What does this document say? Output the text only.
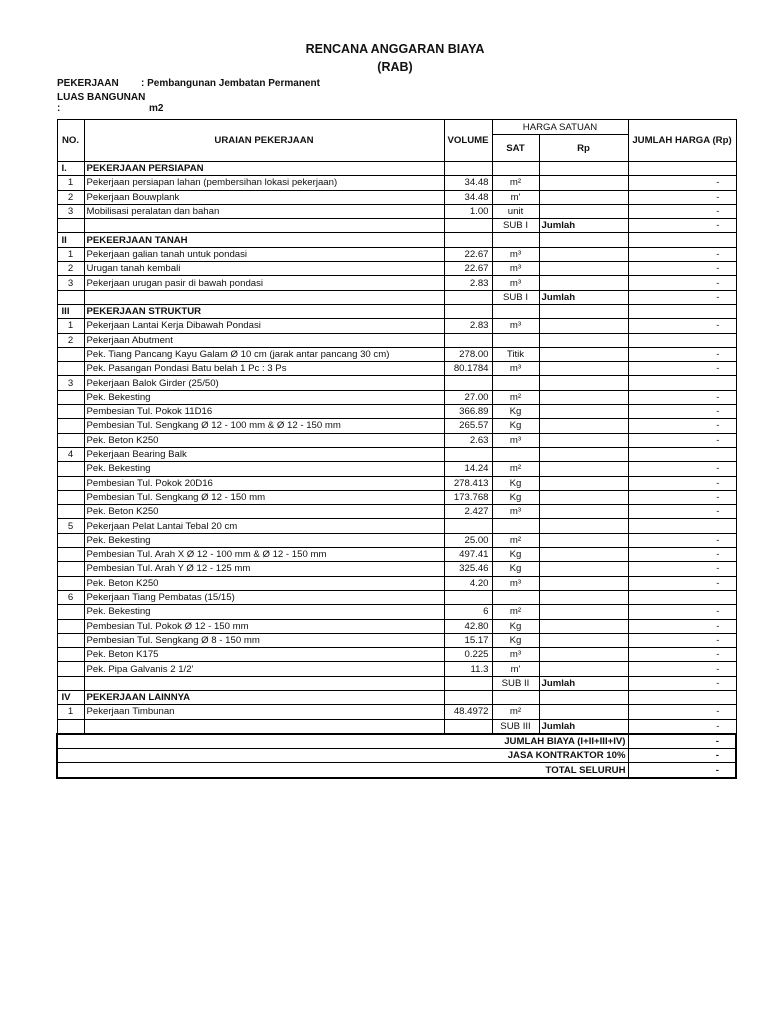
RENCANA ANGGARAN BIAYA
(RAB)
PEKERJAAN : Pembangunan Jembatan Permanent
LUAS BANGUNAN :	m2
NO.	URAIAN PEKERJAAN	VOLUME	HARGA SATUAN		JUMLAH HARGA (Rp)
			SAT	Rp	
I.	PEKERJAAN PERSIAPAN				
1	Pekerjaan persiapan lahan (pembersihan lokasi pekerjaan)	34.48	m²		-
2	Pekerjaan Bouwplank	34.48	m'		-
3	Mobilisasi peralatan dan bahan	1.00	unit		-
			SUB I	Jumlah	-
II	PEKEERJAAN TANAH				
1	Pekerjaan galian tanah untuk pondasi	22.67	m³		-
2	Urugan tanah kembali	22.67	m³		-
3	Pekerjaan urugan pasir di bawah pondasi	2.83	m³		-
			SUB I	Jumlah	-
III	PEKERJAAN STRUKTUR				
1	Pekerjaan Lantai Kerja Dibawah Pondasi	2.83	m³		-
2	Pekerjaan Abutment				
	Pek. Tiang Pancang Kayu Galam Ø 10 cm (jarak antar pancang 30 cm)	278.00	Titik		-
	Pek. Pasangan Pondasi Batu belah 1 Pc : 3 Ps	80.1784	m³		-
3	Pekerjaan Balok Girder (25/50)				
	Pek. Bekesting	27.00	m²		-
	Pembesian Tul. Pokok 11D16	366.89	Kg		-
	Pembesian Tul. Sengkang Ø 12 - 100 mm & Ø 12 - 150 mm	265.57	Kg		-
	Pek. Beton K250	2.63	m³		-
4	Pekerjaan Bearing Balk				
	Pek. Bekesting	14.24	m²		-
	Pembesian Tul. Pokok 20D16	278.413	Kg		-
	Pembesian Tul. Sengkang Ø 12 - 150 mm	173.768	Kg		-
	Pek. Beton K250	2.427	m³		-
5	Pekerjaan Pelat Lantai Tebal 20 cm				
	Pek. Bekesting	25.00	m²		-
	Pembesian Tul. Arah X Ø 12 - 100 mm & Ø 12 - 150 mm	497.41	Kg		-
	Pembesian Tul. Arah Y Ø 12 - 125 mm	325.46	Kg		-
	Pek. Beton K250	4.20	m³		-
6	Pekerjaan Tiang Pembatas (15/15)				
	Pek. Bekesting	6	m²		-
	Pembesian Tul. Pokok Ø 12 - 150 mm	42.80	Kg		-
	Pembesian Tul. Sengkang Ø 8 - 150 mm	15.17	Kg		-
	Pek. Beton K175	0.225	m³		-
	Pek. Pipa Galvanis 2 1/2'	11.3	m'		-
			SUB II	Jumlah	-
IV	PEKERJAAN LAINNYA				
1	Pekerjaan Timbunan	48.4972	m²		-
			SUB III	Jumlah	-
JUMLAH BIAYA (I+II+III+IV)					-
JASA KONTRAKTOR 10%					-
TOTAL SELURUH					-
